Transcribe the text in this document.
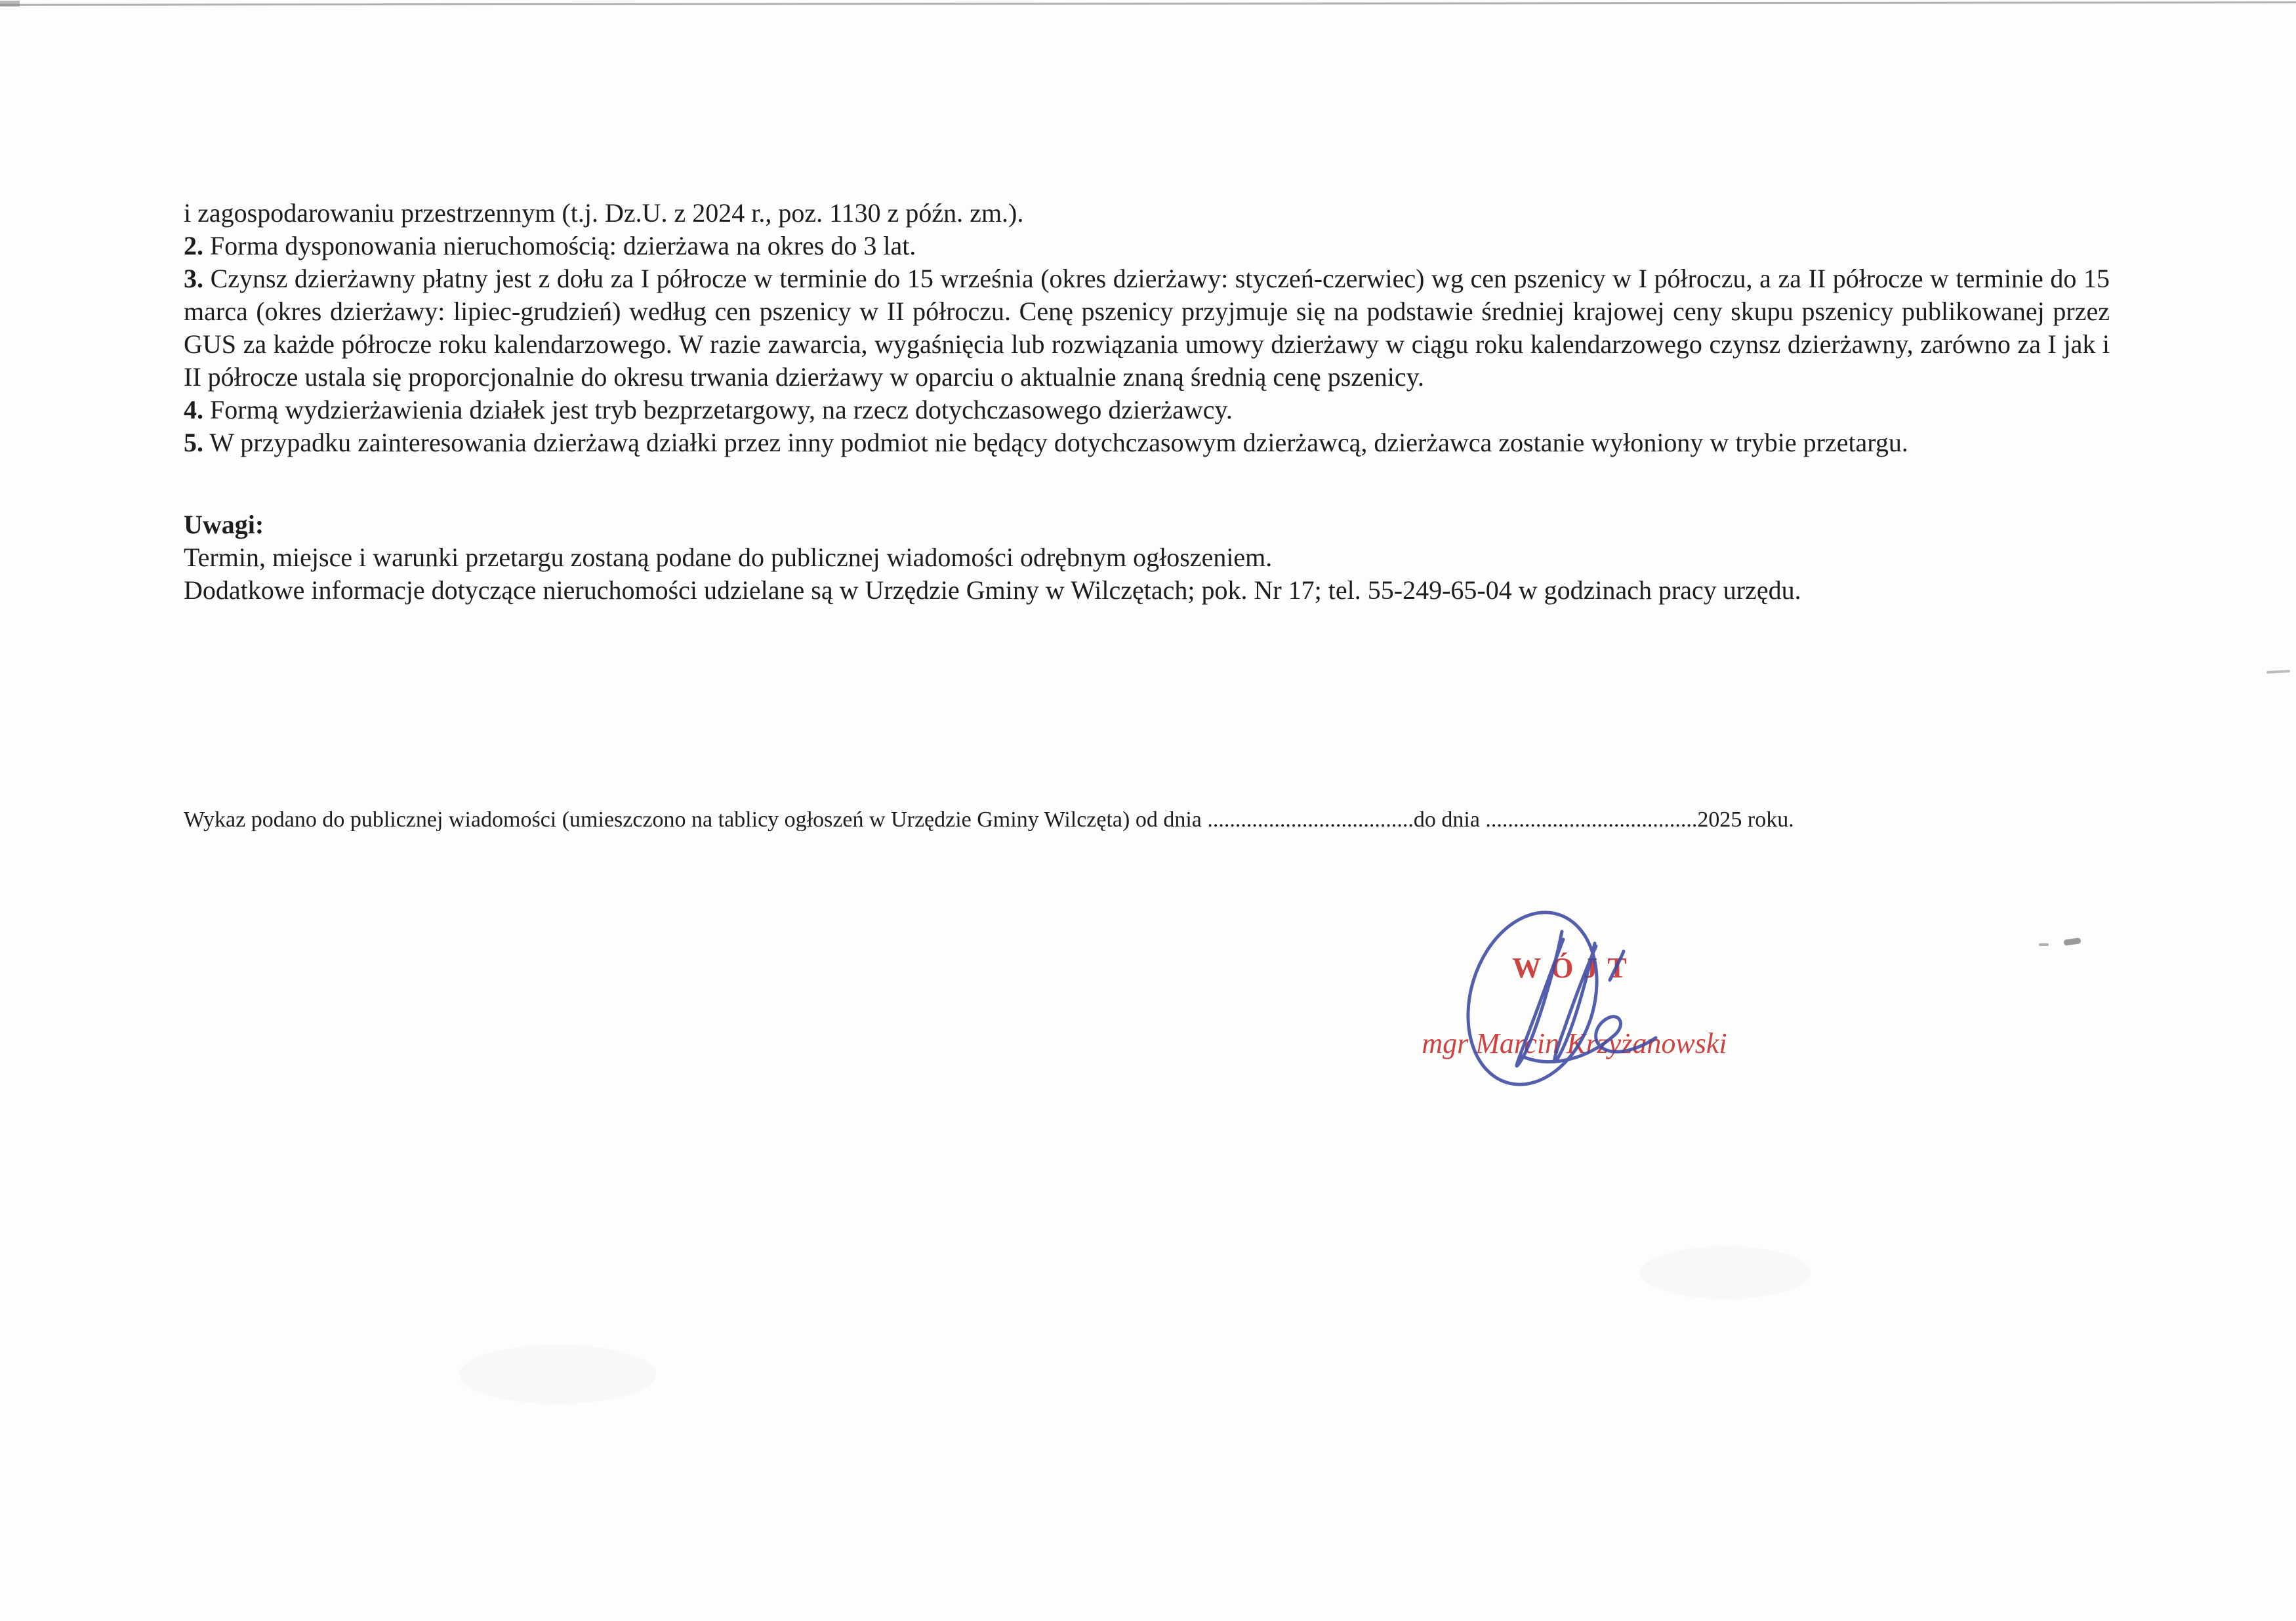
i zagospodarowaniu przestrzennym (t.j. Dz.U. z 2024 r., poz. 1130 z późn. zm.).

2. Forma dysponowania nieruchomością: dzierżawa na okres do 3 lat.

3. Czynsz dzierżawny płatny jest z dołu za I półrocze w terminie do 15 września (okres dzierżawy: styczeń-czerwiec) wg cen pszenicy w I półroczu, a za II półrocze w terminie do 15 marca (okres dzierżawy: lipiec-grudzień) według cen pszenicy w II półroczu. Cenę pszenicy przyjmuje się na podstawie średniej krajowej ceny skupu pszenicy publikowanej przez GUS za każde półrocze roku kalendarzowego. W razie zawarcia, wygaśnięcia lub rozwiązania umowy dzierżawy w ciągu roku kalendarzowego czynsz dzierżawny, zarówno za I jak i II półrocze ustala się proporcjonalnie do okresu trwania dzierżawy w oparciu o aktualnie znaną średnią cenę pszenicy.

4. Formą wydzierżawienia działek jest tryb bezprzetargowy, na rzecz dotychczasowego dzierżawcy.

5. W przypadku zainteresowania dzierżawą działki przez inny podmiot nie będący dotychczasowym dzierżawcą, dzierżawca zostanie wyłoniony w trybie przetargu.

Uwagi:

Termin, miejsce i warunki przetargu zostaną podane do publicznej wiadomości odrębnym ogłoszeniem.

Dodatkowe informacje dotyczące nieruchomości udzielane są w Urzędzie Gminy w Wilczętach; pok. Nr 17; tel. 55-249-65-04 w godzinach pracy urzędu.

Wykaz podano do publicznej wiadomości (umieszczono na tablicy ogłoszeń w Urzędzie Gminy Wilczęta) od dnia .....................................do dnia ......................................2025 roku.
WÓJT
mgr Marcin Krzyżanowski
